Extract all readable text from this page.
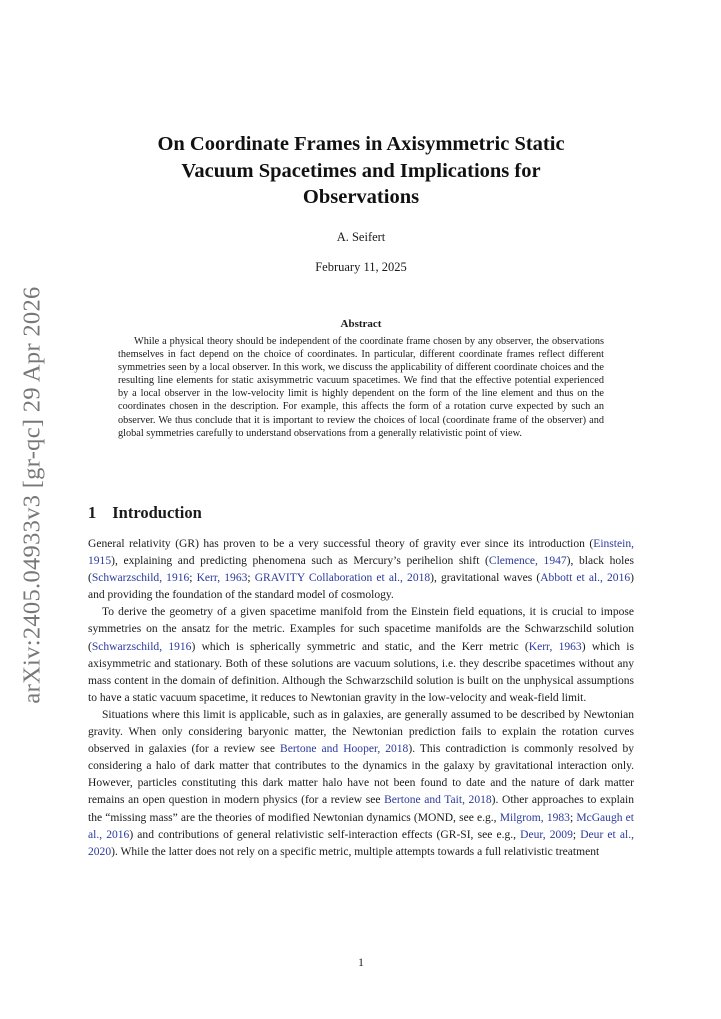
arXiv:2405.04933v3 [gr-qc] 29 Apr 2026
On Coordinate Frames in Axisymmetric Static
Vacuum Spacetimes and Implications for
Observations

A. Seifert

February 11, 2025

Abstract

While a physical theory should be independent of the coordinate frame chosen by any observer, the observations themselves in fact depend on the choice of coordinates. In particular, different coordinate frames reflect different symmetries seen by a local observer. In this work, we discuss the applicability of different coordinate choices and the resulting line elements for static axisymmetric vacuum spacetimes. We find that the effective potential experienced by a local observer in the low-velocity limit is highly dependent on the form of the line element and thus on the coordinates chosen in the description. For example, this affects the form of a rotation curve expected by such an observer. We thus conclude that it is important to review the choices of local (coordinate frame of the observer) and global symmetries carefully to understand observations from a generally relativistic point of view.

1 Introduction

General relativity (GR) has proven to be a very successful theory of gravity ever since its introduction (Einstein, 1915), explaining and predicting phenomena such as Mercury’s perihelion shift (Clemence, 1947), black holes (Schwarzschild, 1916; Kerr, 1963; GRAVITY Collaboration et al., 2018), gravitational waves (Abbott et al., 2016) and providing the foundation of the standard model of cosmology.

To derive the geometry of a given spacetime manifold from the Einstein field equations, it is crucial to impose symmetries on the ansatz for the metric. Examples for such spacetime manifolds are the Schwarzschild solution (Schwarzschild, 1916) which is spherically symmetric and static, and the Kerr metric (Kerr, 1963) which is axisymmetric and stationary. Both of these solutions are vacuum solutions, i.e. they describe spacetimes without any mass content in the domain of definition. Although the Schwarzschild solution is built on the unphysical assumptions to have a static vacuum spacetime, it reduces to Newtonian gravity in the low-velocity and weak-field limit.

Situations where this limit is applicable, such as in galaxies, are generally assumed to be described by Newtonian gravity. When only considering baryonic matter, the Newtonian prediction fails to explain the rotation curves observed in galaxies (for a review see Bertone and Hooper, 2018). This contradiction is commonly resolved by considering a halo of dark matter that contributes to the dynamics in the galaxy by gravitational interaction only. However, particles constituting this dark matter halo have not been found to date and the nature of dark matter remains an open question in modern physics (for a review see Bertone and Tait, 2018). Other approaches to explain the “missing mass” are the theories of modified Newtonian dynamics (MOND, see e.g., Milgrom, 1983; McGaugh et al., 2016) and contributions of general relativistic self-interaction effects (GR-SI, see e.g., Deur, 2009; Deur et al., 2020). While the latter does not rely on a specific metric, multiple attempts towards a full relativistic treatment

1
